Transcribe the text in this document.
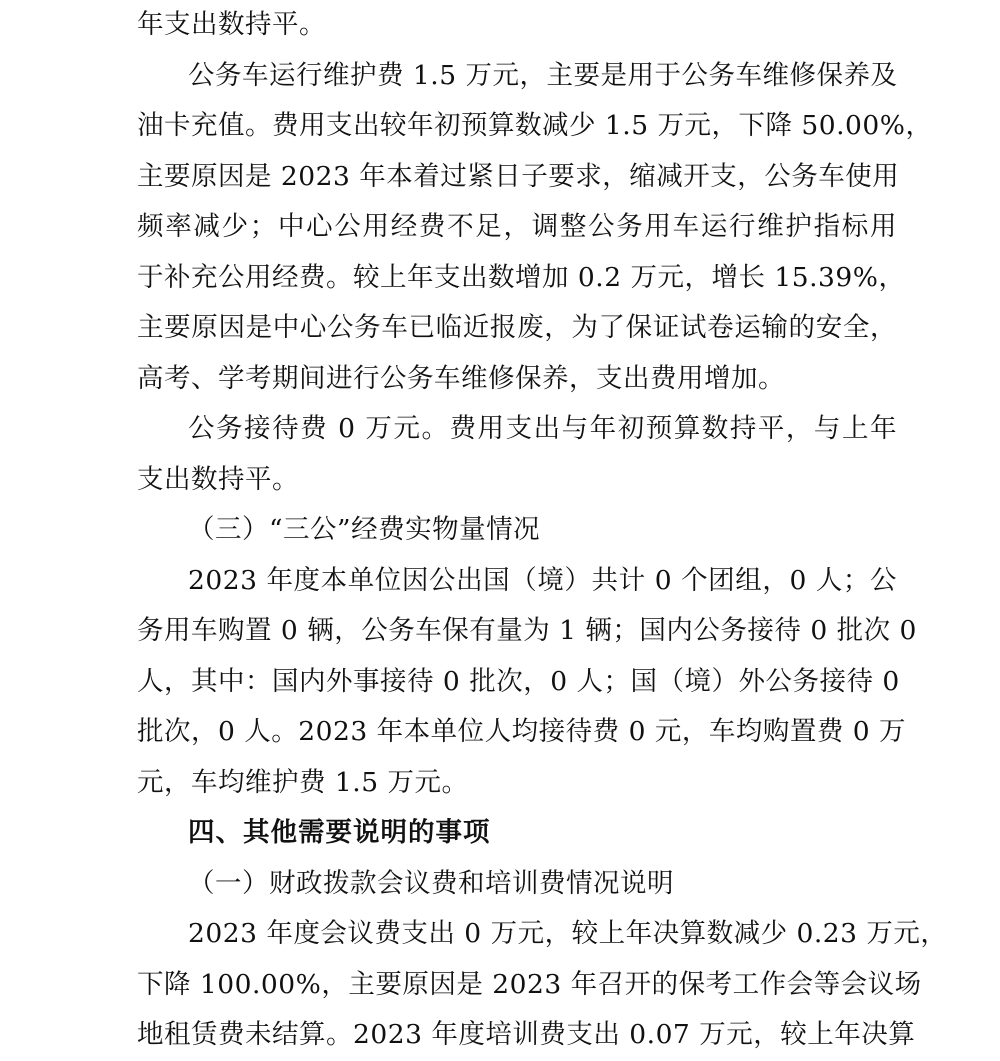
年支出数持平。
公务车运行维护费 1.5 万元，主要是用于公务车维修保养及
油卡充值。费用支出较年初预算数减少 1.5 万元，下降 50.00%，
主要原因是 2023 年本着过紧日子要求，缩减开支，公务车使用
频率减少；中心公用经费不足，调整公务用车运行维护指标用
于补充公用经费。较上年支出数增加 0.2 万元，增长 15.39%，
主要原因是中心公务车已临近报废，为了保证试卷运输的安全，
高考、学考期间进行公务车维修保养，支出费用增加。
公务接待费 0 万元。费用支出与年初预算数持平，与上年
支出数持平。
（三）“三公”经费实物量情况
2023 年度本单位因公出国（境）共计 0 个团组，0 人；公
务用车购置 0 辆，公务车保有量为 1 辆；国内公务接待 0 批次 0
人，其中：国内外事接待 0 批次，0 人；国（境）外公务接待 0
批次，0 人。2023 年本单位人均接待费 0 元，车均购置费 0 万
元，车均维护费 1.5 万元。
四、其他需要说明的事项
（一）财政拨款会议费和培训费情况说明
2023 年度会议费支出 0 万元，较上年决算数减少 0.23 万元，
下降 100.00%，主要原因是 2023 年召开的保考工作会等会议场
地租赁费未结算。2023 年度培训费支出 0.07 万元，较上年决算
